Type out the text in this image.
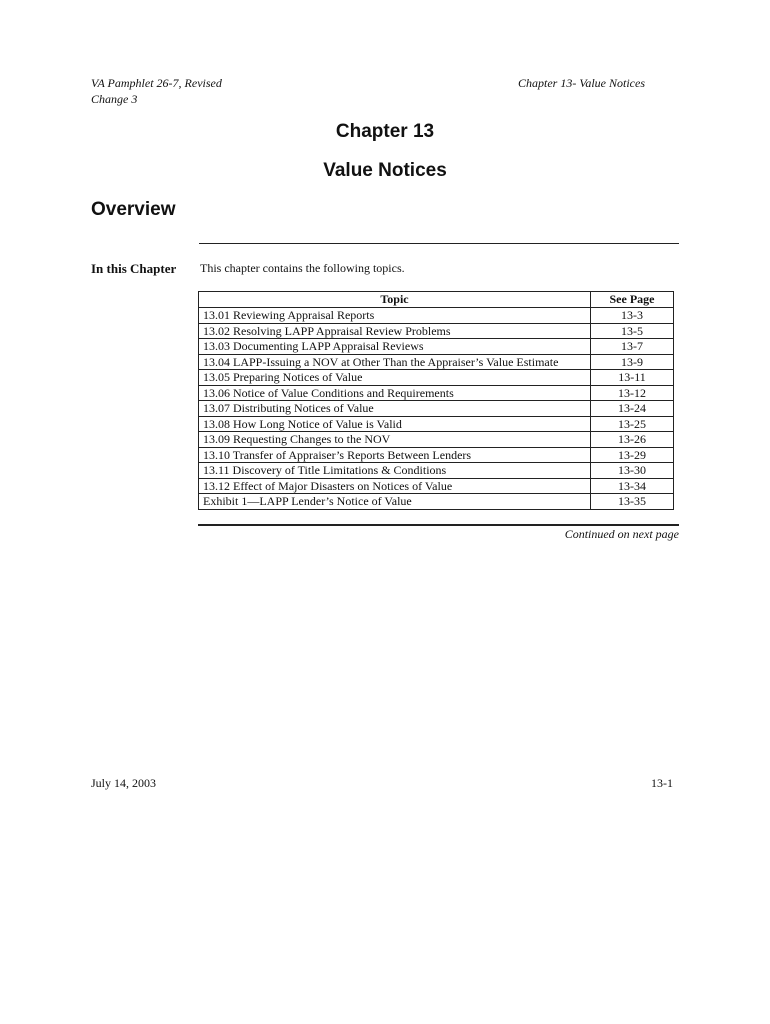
VA Pamphlet 26-7, Revised
Change 3
Chapter 13- Value Notices
Chapter 13
Value Notices
Overview
In this Chapter This chapter contains the following topics.
Topic	See Page
13.01 Reviewing Appraisal Reports	13-3
13.02 Resolving LAPP Appraisal Review Problems	13-5
13.03 Documenting LAPP Appraisal Reviews	13-7
13.04 LAPP-Issuing a NOV at Other Than the Appraiser’s Value Estimate	13-9
13.05 Preparing Notices of Value	13-11
13.06 Notice of Value Conditions and Requirements	13-12
13.07 Distributing Notices of Value	13-24
13.08 How Long Notice of Value is Valid	13-25
13.09 Requesting Changes to the NOV	13-26
13.10 Transfer of Appraiser’s Reports Between Lenders	13-29
13.11 Discovery of Title Limitations & Conditions	13-30
13.12 Effect of Major Disasters on Notices of Value	13-34
Exhibit 1—LAPP Lender’s Notice of Value	13-35
Continued on next page
July 14, 2003	13-1
